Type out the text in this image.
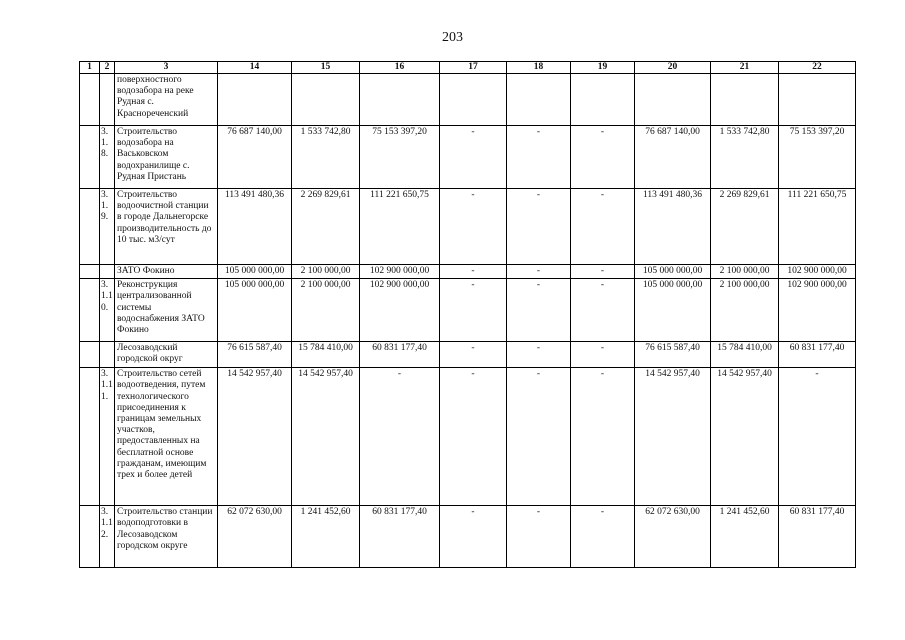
203
1	2	3	14	15	16	17	18	19	20	21	22
		поверхностного водозабора на реке Рудная с. Краснореченский									
	3.1.8.	Строительство водозабора на Васьковском водохранилище с. Рудная Пристань	76 687 140,00	1 533 742,80	75 153 397,20	-	-	-	76 687 140,00	1 533 742,80	75 153 397,20
	3.1.9.	Строительство водоочистной станции в городе Дальнегорске производительность до 10 тыс. м3/сут	113 491 480,36	2 269 829,61	111 221 650,75	-	-	-	113 491 480,36	2 269 829,61	111 221 650,75
		ЗАТО Фокино	105 000 000,00	2 100 000,00	102 900 000,00	-	-	-	105 000 000,00	2 100 000,00	102 900 000,00
	3.1.10.	Реконструкция централизованной системы водоснабжения ЗАТО Фокино	105 000 000,00	2 100 000,00	102 900 000,00	-	-	-	105 000 000,00	2 100 000,00	102 900 000,00
		Лесозаводский городской округ	76 615 587,40	15 784 410,00	60 831 177,40	-	-	-	76 615 587,40	15 784 410,00	60 831 177,40
	3.1.11.	Строительство сетей водоотведения, путем технологического присоединения к границам земельных участков, предоставленных на бесплатной основе гражданам, имеющим трех и более детей	14 542 957,40	14 542 957,40	-	-	-	-	14 542 957,40	14 542 957,40	-
	3.1.12.	Строительство станции водоподготовки в Лесозаводском городском округе	62 072 630,00	1 241 452,60	60 831 177,40	-	-	-	62 072 630,00	1 241 452,60	60 831 177,40
